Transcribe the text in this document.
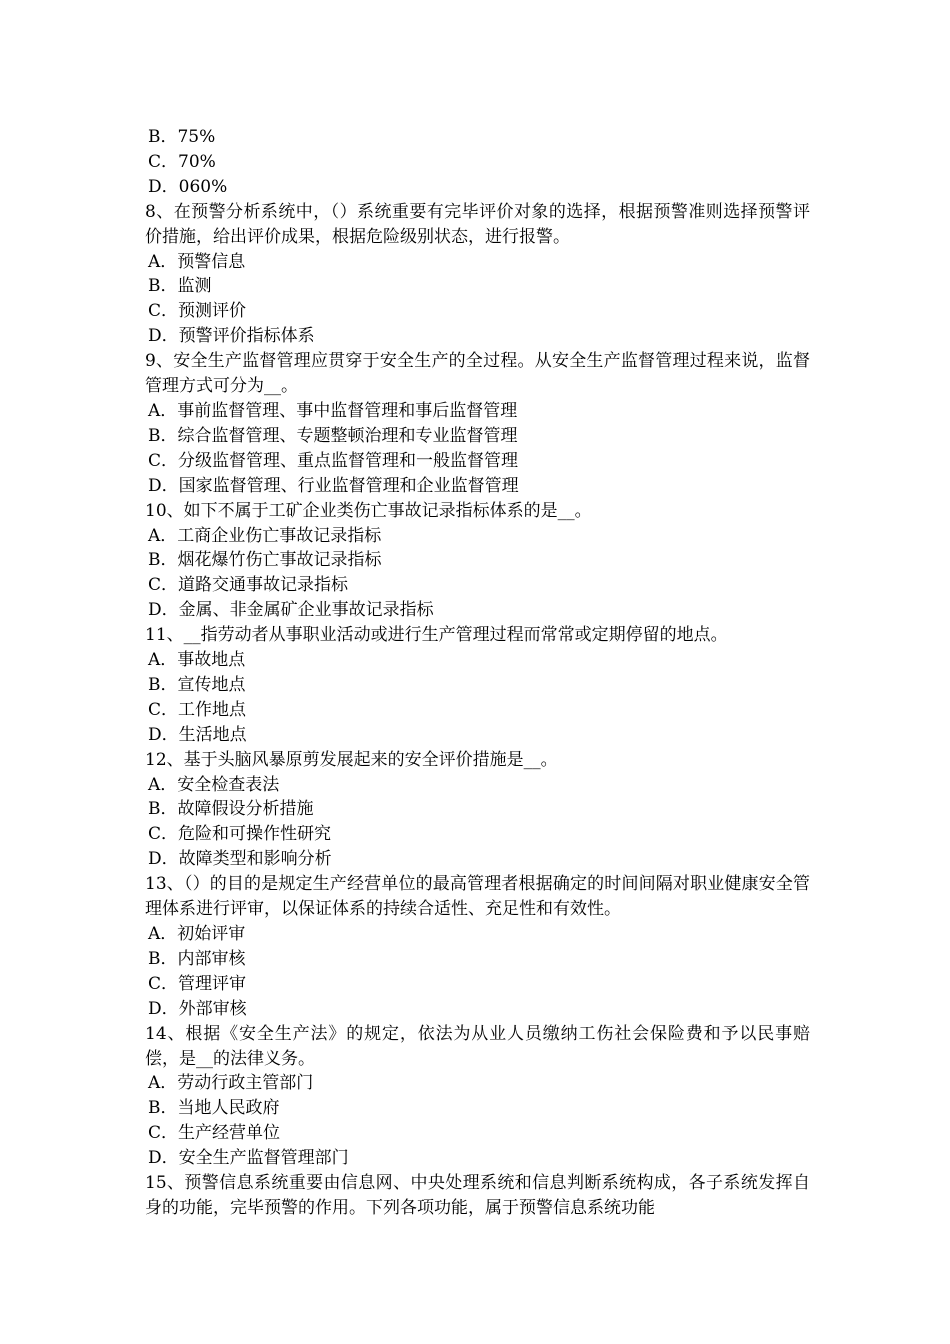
B．75%
C．70%
D．060%
8、在预警分析系统中，（）系统重要有完毕评价对象的选择，根据预警准则选择预警评价措施，给出评价成果，根据危险级别状态，进行报警。
A．预警信息
B．监测
C．预测评价
D．预警评价指标体系
9、安全生产监督管理应贯穿于安全生产的全过程。从安全生产监督管理过程来说，监督管理方式可分为__。
A．事前监督管理、事中监督管理和事后监督管理
B．综合监督管理、专题整顿治理和专业监督管理
C．分级监督管理、重点监督管理和一般监督管理
D．国家监督管理、行业监督管理和企业监督管理
10、如下不属于工矿企业类伤亡事故记录指标体系的是__。
A．工商企业伤亡事故记录指标
B．烟花爆竹伤亡事故记录指标
C．道路交通事故记录指标
D．金属、非金属矿企业事故记录指标
11、__指劳动者从事职业活动或进行生产管理过程而常常或定期停留的地点。
A．事故地点
B．宣传地点
C．工作地点
D．生活地点
12、基于头脑风暴原剪发展起来的安全评价措施是__。
A．安全检查表法
B．故障假设分析措施
C．危险和可操作性研究
D．故障类型和影响分析
13、（）的目的是规定生产经营单位的最高管理者根据确定的时间间隔对职业健康安全管理体系进行评审，以保证体系的持续合适性、充足性和有效性。
A．初始评审
B．内部审核
C．管理评审
D．外部审核
14、根据《安全生产法》的规定，依法为从业人员缴纳工伤社会保险费和予以民事赔偿，是__的法律义务。
A．劳动行政主管部门
B．当地人民政府
C．生产经营单位
D．安全生产监督管理部门
15、预警信息系统重要由信息网、中央处理系统和信息判断系统构成，各子系统发挥自身的功能，完毕预警的作用。下列各项功能，属于预警信息系统功能
